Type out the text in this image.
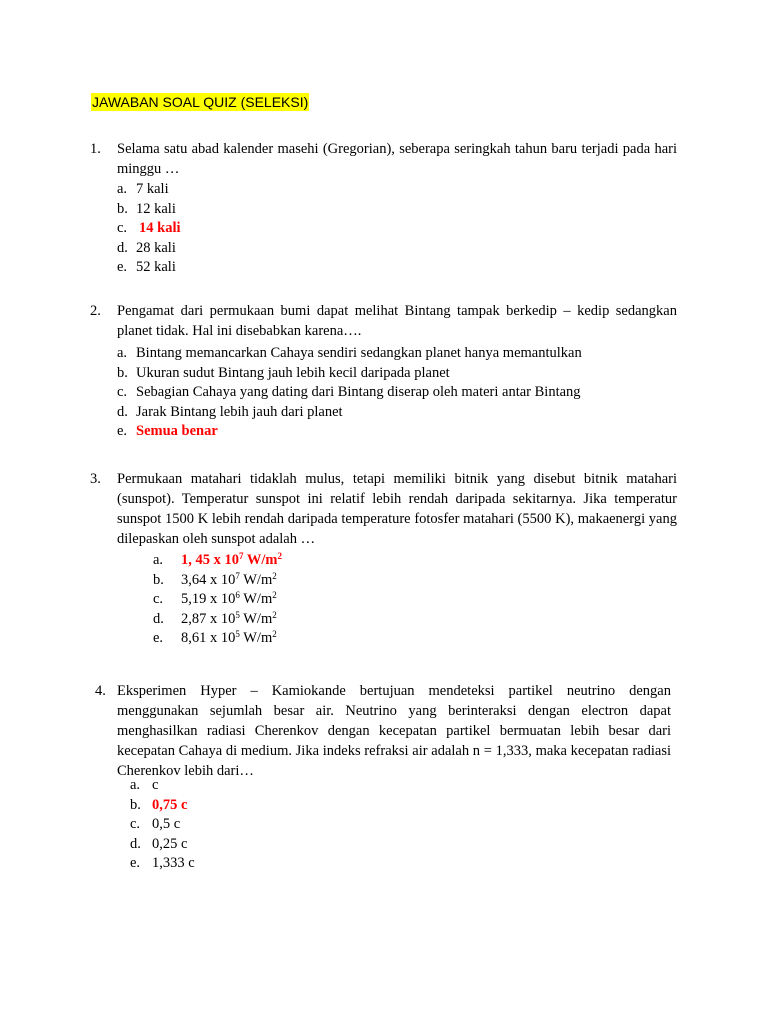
JAWABAN SOAL QUIZ (SELEKSI)
1. Selama satu abad kalender masehi (Gregorian), seberapa seringkah tahun baru terjadi pada hari minggu …
a. 7 kali
b. 12 kali
c. 14 kali
d. 28 kali
e. 52 kali
2. Pengamat dari permukaan bumi dapat melihat Bintang tampak berkedip – kedip sedangkan planet tidak. Hal ini disebabkan karena….
a. Bintang memancarkan Cahaya sendiri sedangkan planet hanya memantulkan
b. Ukuran sudut Bintang jauh lebih kecil daripada planet
c. Sebagian Cahaya yang dating dari Bintang diserap oleh materi antar Bintang
d. Jarak Bintang lebih jauh dari planet
e. Semua benar
3. Permukaan matahari tidaklah mulus, tetapi memiliki bitnik yang disebut bitnik matahari (sunspot). Temperatur sunspot ini relatif lebih rendah daripada sekitarnya. Jika temperatur sunspot 1500 K lebih rendah daripada temperature fotosfer matahari (5500 K), makaenergi yang dilepaskan oleh sunspot adalah …
a. 1, 45 x $10^7$ $W/m^2$
b. 3,64 x $10^7$ $W/m^2$
c. 5,19 x $10^6$ $W/m^2$
d. 2,87 x $10^5$ $W/m^2$
e. 8,61 x $10^5$ $W/m^2$
4. Eksperimen Hyper – Kamiokande bertujuan mendeteksi partikel neutrino dengan menggunakan sejumlah besar air. Neutrino yang berinteraksi dengan electron dapat menghasilkan radiasi Cherenkov dengan kecepatan partikel bermuatan lebih besar dari kecepatan Cahaya di medium. Jika indeks refraksi air adalah n = 1,333, maka kecepatan radiasi Cherenkov lebih dari…
a. c
b. 0,75 c
c. 0,5 c
d. 0,25 c
e. 1,333 c
